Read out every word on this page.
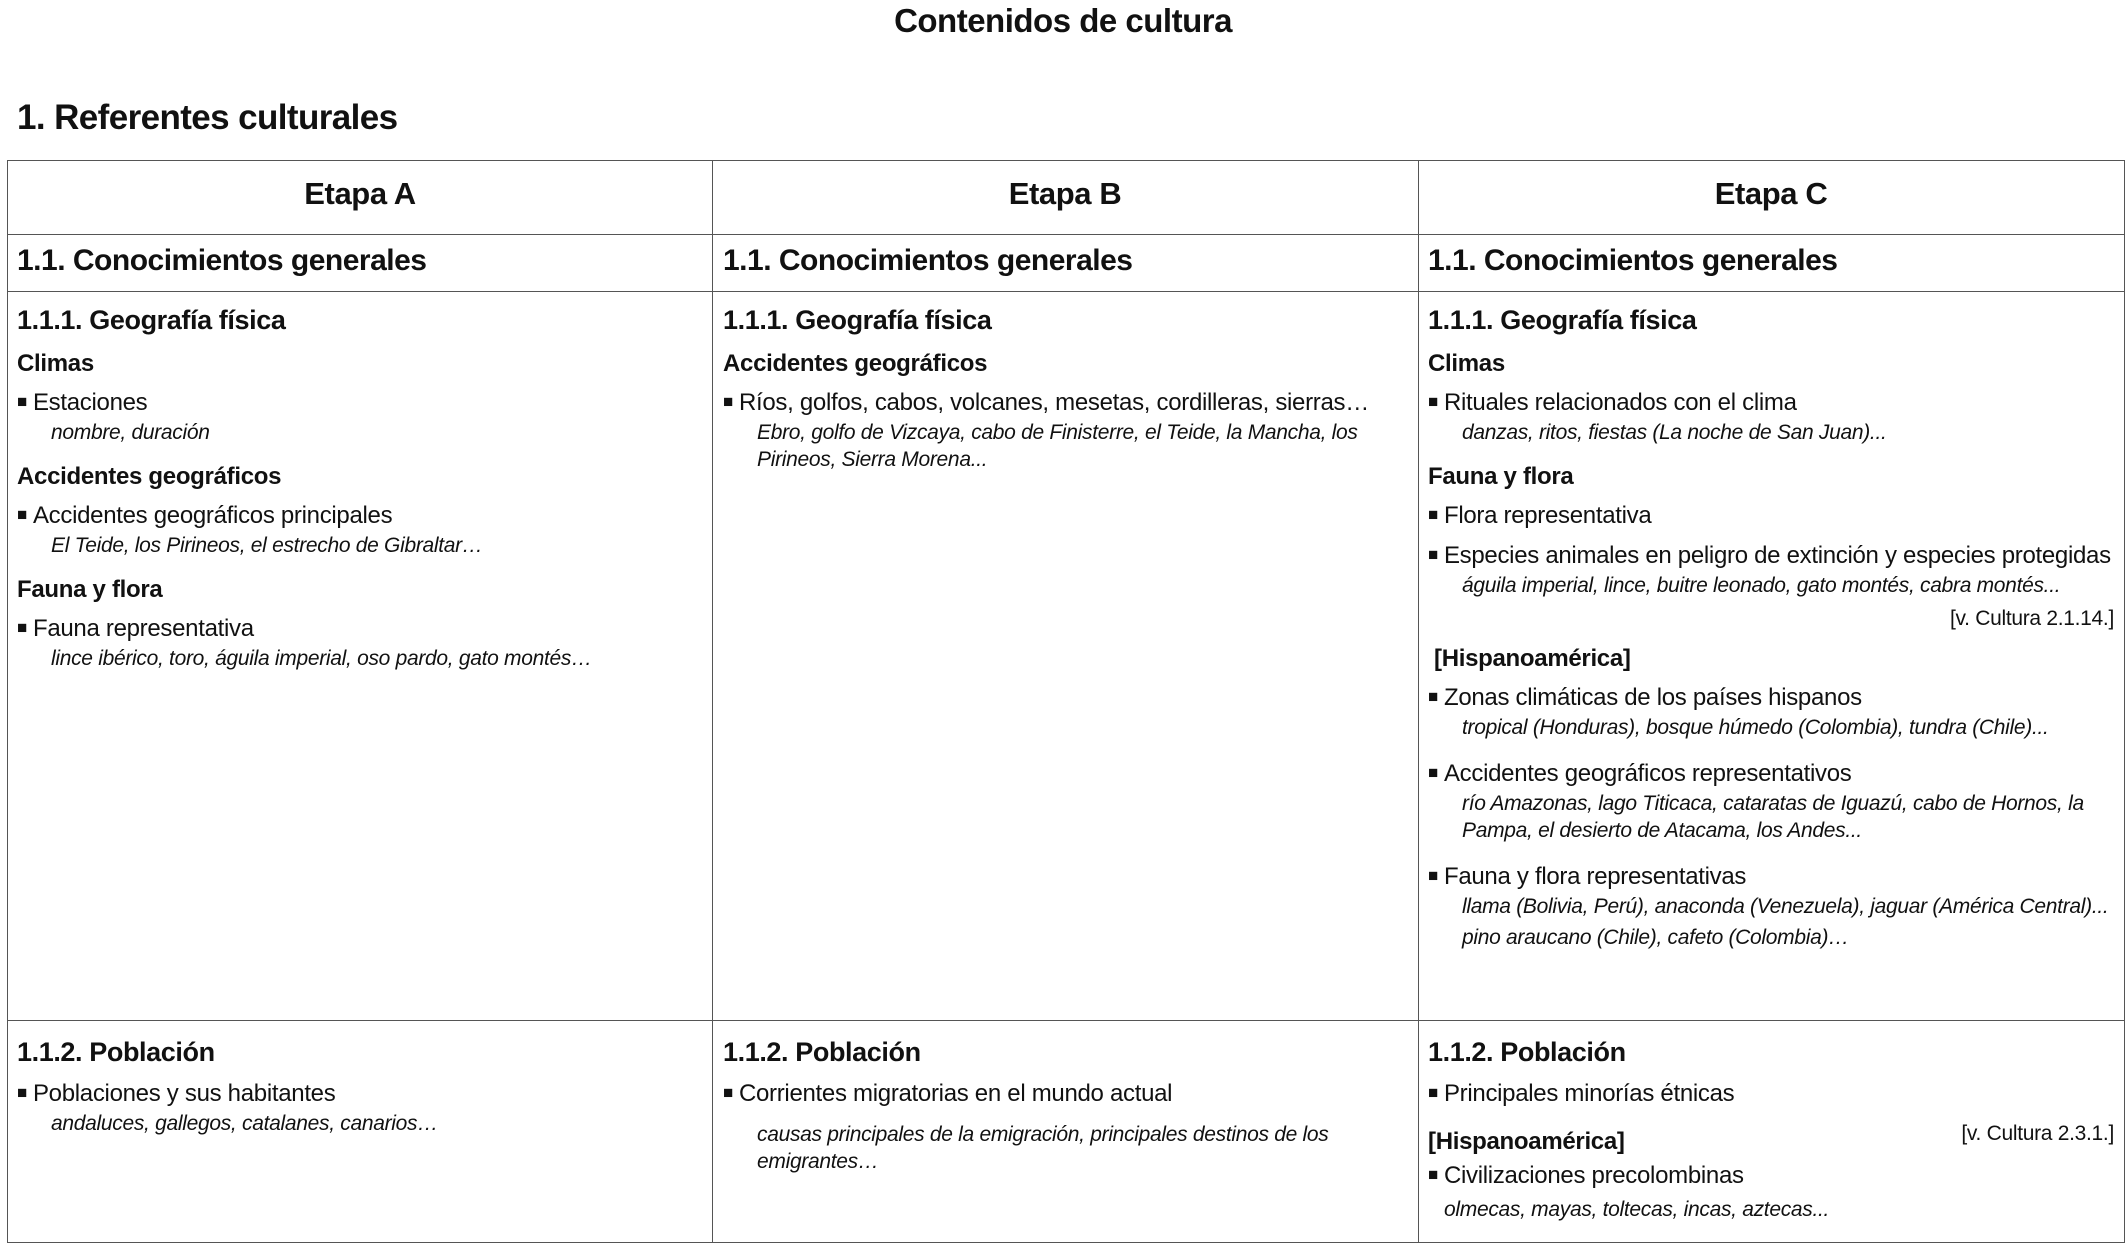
Contenidos de cultura
1. Referentes culturales
Etapa A	Etapa B	Etapa C
1.1. Conocimientos generales	1.1. Conocimientos generales	1.1. Conocimientos generales
1.1.1. Geografía física
Climas
■ Estaciones
nombre, duración
Accidentes geográficos
■ Accidentes geográficos principales
El Teide, los Pirineos, el estrecho de Gibraltar…
Fauna y flora
■ Fauna representativa
lince ibérico, toro, águila imperial, oso pardo, gato montés…
1.1.1. Geografía física
Accidentes geográficos
■ Ríos, golfos, cabos, volcanes, mesetas, cordilleras, sierras…
Ebro, golfo de Vizcaya, cabo de Finisterre, el Teide, la Mancha, los
Pirineos, Sierra Morena...
1.1.1. Geografía física
Climas
■ Rituales relacionados con el clima
danzas, ritos, fiestas (La noche de San Juan)...
Fauna y flora
■ Flora representativa
■ Especies animales en peligro de extinción y especies protegidas
águila imperial, lince, buitre leonado, gato montés, cabra montés...
[v. Cultura 2.1.14.]
[Hispanoamérica]
■ Zonas climáticas de los países hispanos
tropical (Honduras), bosque húmedo (Colombia), tundra (Chile)...
■ Accidentes geográficos representativos
río Amazonas, lago Titicaca, cataratas de Iguazú, cabo de Hornos, la
Pampa, el desierto de Atacama, los Andes...
■ Fauna y flora representativas
llama (Bolivia, Perú), anaconda (Venezuela), jaguar (América Central)...
pino araucano (Chile), cafeto (Colombia)…
1.1.2. Población
■ Poblaciones y sus habitantes
andaluces, gallegos, catalanes, canarios…
1.1.2. Población
■ Corrientes migratorias en el mundo actual
causas principales de la emigración, principales destinos de los
emigrantes…
1.1.2. Población
■ Principales minorías étnicas
[Hispanoamérica]	[v. Cultura 2.3.1.]
■ Civilizaciones precolombinas
olmecas, mayas, toltecas, incas, aztecas...
